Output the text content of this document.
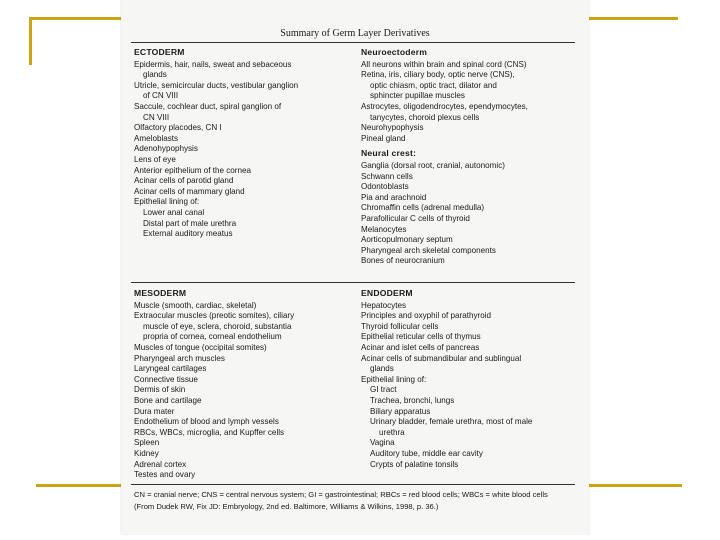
Summary of Germ Layer Derivatives
ECTODERM
Epidermis, hair, nails, sweat and sebaceous
glands
Utricle, semicircular ducts, vestibular ganglion
of CN VIII
Saccule, cochlear duct, spiral ganglion of
CN VIII
Olfactory placodes, CN I
Ameloblasts
Adenohypophysis
Lens of eye
Anterior epithelium of the cornea
Acinar cells of parotid gland
Acinar cells of mammary gland
Epithelial lining of:
Lower anal canal
Distal part of male urethra
External auditory meatus
Neuroectoderm
All neurons within brain and spinal cord (CNS)
Retina, iris, ciliary body, optic nerve (CNS),
optic chiasm, optic tract, dilator and
sphincter pupillae muscles
Astrocytes, oligodendrocytes, ependymocytes,
tanycytes, choroid plexus cells
Neurohypophysis
Pineal gland
Neural crest:
Ganglia (dorsal root, cranial, autonomic)
Schwann cells
Odontoblasts
Pia and arachnoid
Chromaffin cells (adrenal medulla)
Parafollicular C cells of thyroid
Melanocytes
Aorticopulmonary septum
Pharyngeal arch skeletal components
Bones of neurocranium
MESODERM
Muscle (smooth, cardiac, skeletal)
Extraocular muscles (preotic somites), ciliary
muscle of eye, sclera, choroid, substantia
propria of cornea, corneal endothelium
Muscles of tongue (occipital somites)
Pharyngeal arch muscles
Laryngeal cartilages
Connective tissue
Dermis of skin
Bone and cartilage
Dura mater
Endothelium of blood and lymph vessels
RBCs, WBCs, microglia, and Kupffer cells
Spleen
Kidney
Adrenal cortex
Testes and ovary
ENDODERM
Hepatocytes
Principles and oxyphil of parathyroid
Thyroid follicular cells
Epithelial reticular cells of thymus
Acinar and islet cells of pancreas
Acinar cells of submandibular and sublingual
glands
Epithelial lining of:
GI tract
Trachea, bronchi, lungs
Biliary apparatus
Urinary bladder, female urethra, most of male
urethra
Vagina
Auditory tube, middle ear cavity
Crypts of palatine tonsils
CN = cranial nerve; CNS = central nervous system; GI = gastrointestinal; RBCs = red blood cells; WBCs = white blood cells
(From Dudek RW, Fix JD: Embryology, 2nd ed. Baltimore, Williams & Wilkins, 1998, p. 36.)
